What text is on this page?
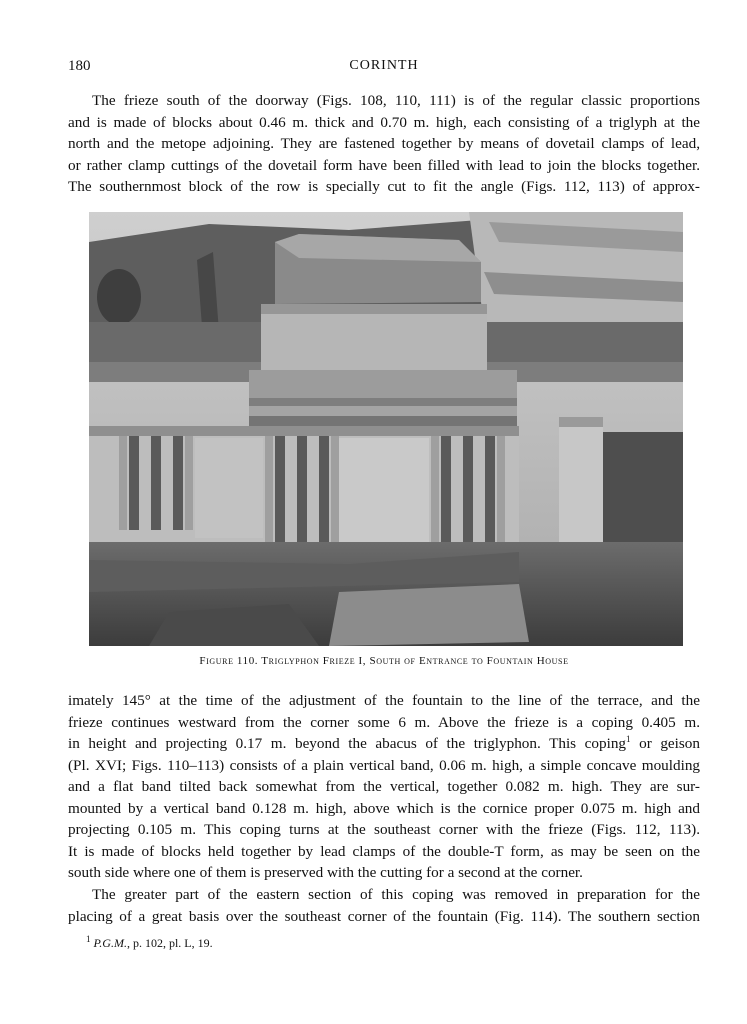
180	CORINTH
The frieze south of the doorway (Figs. 108, 110, 111) is of the regular classic proportions
and is made of blocks about 0.46 m. thick and 0.70 m. high, each consisting of a triglyph at the
north and the metope adjoining. They are fastened together by means of dovetail clamps of lead,
or rather clamp cuttings of the dovetail form have been filled with lead to join the blocks together.
The southernmost block of the row is specially cut to fit the angle (Figs. 112, 113) of approx-
Figure 110. Triglyphon Frieze I, South of Entrance to Fountain House
imately 145° at the time of the adjustment of the fountain to the line of the terrace, and the
frieze continues westward from the corner some 6 m. Above the frieze is a coping 0.405 m.
in height and projecting 0.17 m. beyond the abacus of the triglyphon. This coping$^1$ or geison
(Pl. XVI; Figs. 110–113) consists of a plain vertical band, 0.06 m. high, a simple concave moulding
and a flat band tilted back somewhat from the vertical, together 0.082 m. high. They are sur-
mounted by a vertical band 0.128 m. high, above which is the cornice proper 0.075 m. high and
projecting 0.105 m. This coping turns at the southeast corner with the frieze (Figs. 112, 113).
It is made of blocks held together by lead clamps of the double-T form, as may be seen on the
south side where one of them is preserved with the cutting for a second at the corner.
The greater part of the eastern section of this coping was removed in preparation for the
placing of a great basis over the southeast corner of the fountain (Fig. 114). The southern section
$^1$ P.G.M., p. 102, pl. L, 19.
